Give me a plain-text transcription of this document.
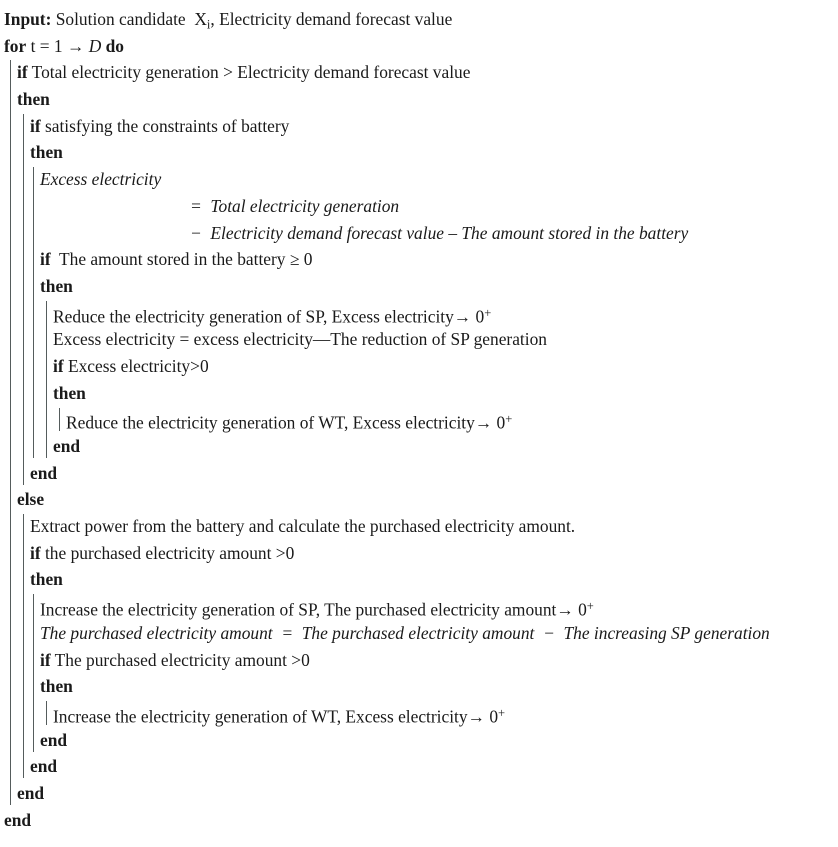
Input: Solution candidate  $X_i$, Electricity demand forecast value
for t = 1 → D do
if Total electricity generation > Electricity demand forecast value
then
if satisfying the constraints of battery
then
Excess electricity
=  Total electricity generation
−  Electricity demand forecast value – The amount stored in the battery
if  The amount stored in the battery ≥ 0
then
Reduce the electricity generation of SP, Excess electricity→ 0+
Excess electricity = excess electricity—The reduction of SP generation
if Excess electricity>0
then
Reduce the electricity generation of WT, Excess electricity→ 0+
end
end
else
Extract power from the battery and calculate the purchased electricity amount.
if the purchased electricity amount >0
then
Increase the electricity generation of SP, The purchased electricity amount→ 0+
The purchased electricity amount  =  The purchased electricity amount  −  The increasing SP generation
if The purchased electricity amount >0
then
Increase the electricity generation of WT, Excess electricity→ 0+
end
end
end
end
